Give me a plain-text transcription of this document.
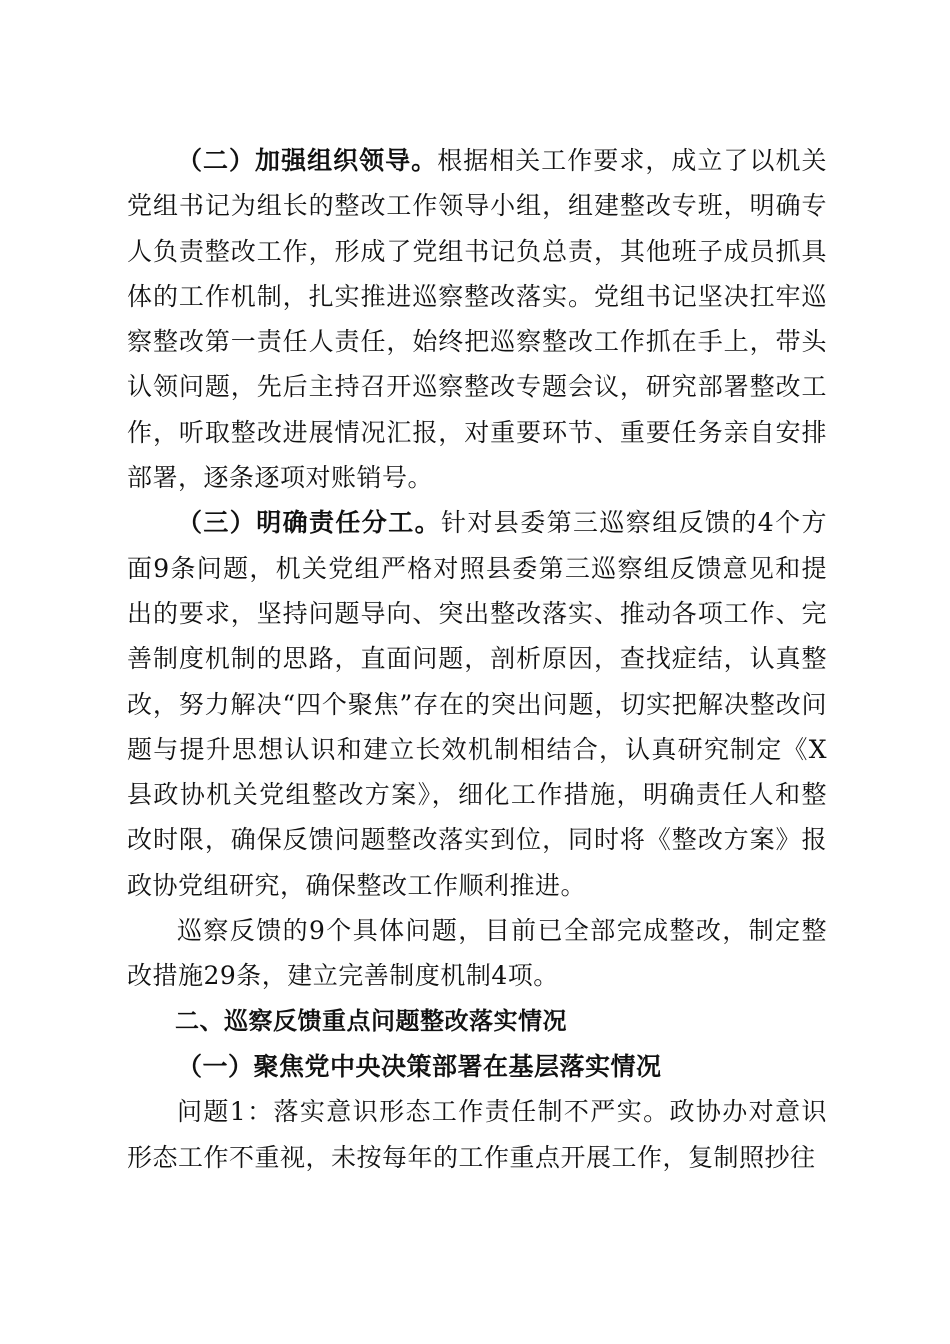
（二）加强组织领导。根据相关工作要求，成立了以机关党组书记为组长的整改工作领导小组，组建整改专班，明确专人负责整改工作，形成了党组书记负总责，其他班子成员抓具体的工作机制，扎实推进巡察整改落实。党组书记坚决扛牢巡察整改第一责任人责任，始终把巡察整改工作抓在手上，带头认领问题，先后主持召开巡察整改专题会议，研究部署整改工作，听取整改进展情况汇报，对重要环节、重要任务亲自安排部署，逐条逐项对账销号。

（三）明确责任分工。针对县委第三巡察组反馈的4个方面9条问题，机关党组严格对照县委第三巡察组反馈意见和提出的要求，坚持问题导向、突出整改落实、推动各项工作、完善制度机制的思路，直面问题，剖析原因，查找症结，认真整改，努力解决“四个聚焦”存在的突出问题，切实把解决整改问题与提升思想认识和建立长效机制相结合，认真研究制定《X县政协机关党组整改方案》，细化工作措施，明确责任人和整改时限，确保反馈问题整改落实到位，同时将《整改方案》报政协党组研究，确保整改工作顺利推进。

巡察反馈的9个具体问题，目前已全部完成整改，制定整改措施29条，建立完善制度机制4项。

二、巡察反馈重点问题整改落实情况

（一）聚焦党中央决策部署在基层落实情况

问题1：落实意识形态工作责任制不严实。政协办对意识形态工作不重视，未按每年的工作重点开展工作，复制照抄往
